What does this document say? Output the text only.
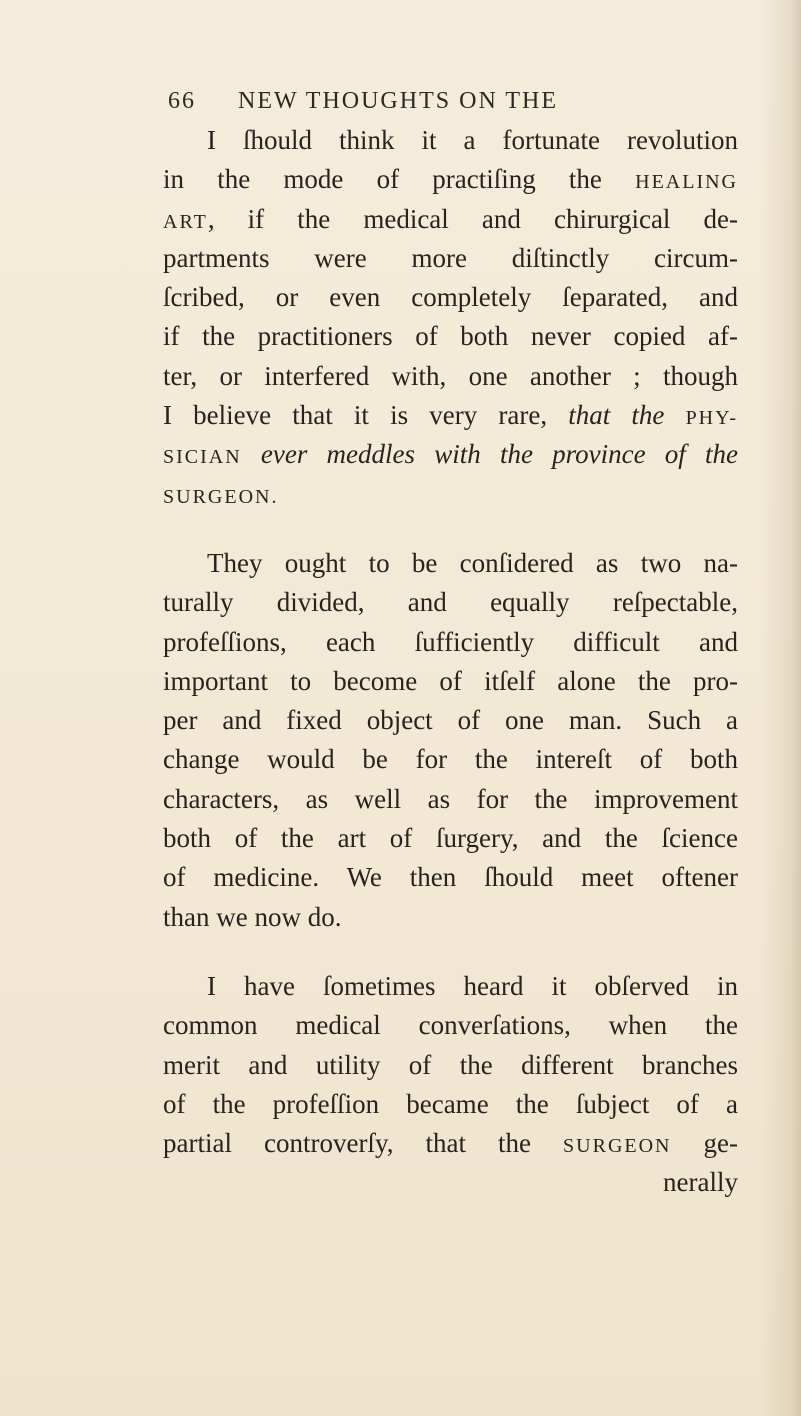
66 NEW THOUGHTS ON THE
I ſhould think it a fortunate revolution
in the mode of practiſing the HEALING
ART, if the medical and chirurgical de-
partments were more diſtinctly circum-
ſcribed, or even completely ſeparated, and
if the practitioners of both never copied af-
ter, or interfered with, one another ; though
I believe that it is very rare, that the PHY-
SICIAN ever meddles with the province of the
SURGEON.
They ought to be conſidered as two na-
turally divided, and equally reſpectable,
profeſſions, each ſufficiently difficult and
important to become of itſelf alone the pro-
per and fixed object of one man. Such a
change would be for the intereſt of both
characters, as well as for the improvement
both of the art of ſurgery, and the ſcience
of medicine. We then ſhould meet oftener
than we now do.
I have ſometimes heard it obſerved in
common medical converſations, when the
merit and utility of the different branches
of the profeſſion became the ſubject of a
partial controverſy, that the SURGEON ge-
nerally
